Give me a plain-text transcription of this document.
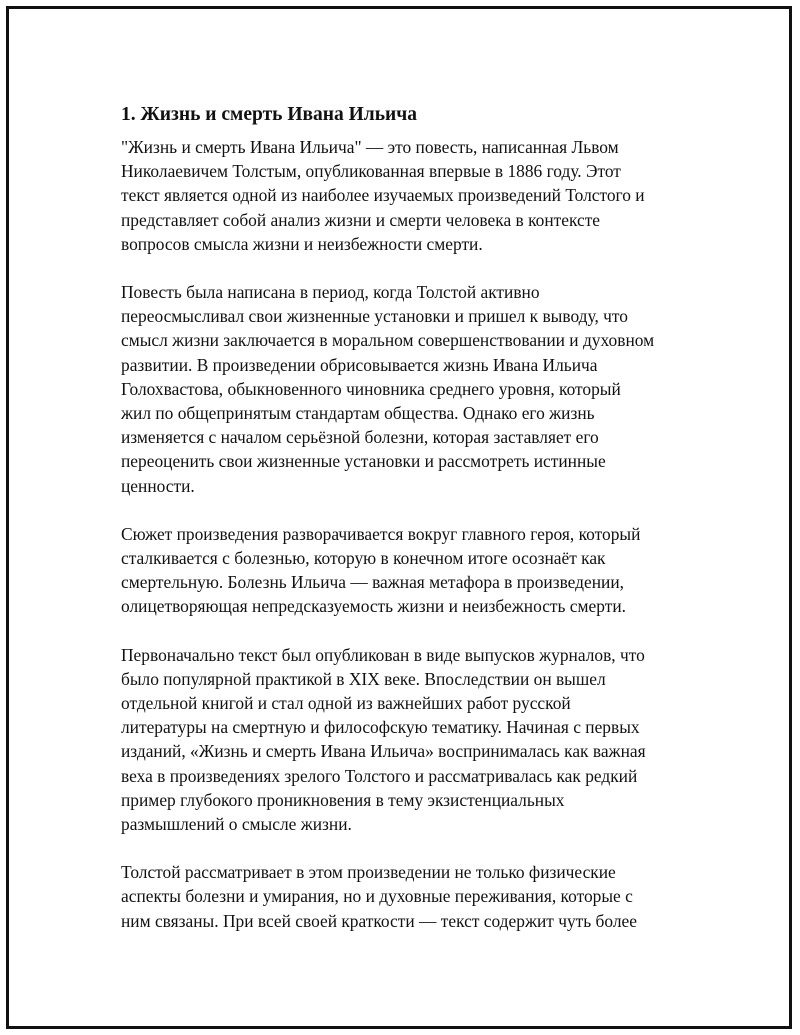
1. Жизнь и смерть Ивана Ильича

"Жизнь и смерть Ивана Ильича" — это повесть, написанная Львом
Николаевичем Толстым, опубликованная впервые в 1886 году. Этот
текст является одной из наиболее изучаемых произведений Толстого и
представляет собой анализ жизни и смерти человека в контексте
вопросов смысла жизни и неизбежности смерти.

Повесть была написана в период, когда Толстой активно
переосмысливал свои жизненные установки и пришел к выводу, что
смысл жизни заключается в моральном совершенствовании и духовном
развитии. В произведении обрисовывается жизнь Ивана Ильича
Голохвастова, обыкновенного чиновника среднего уровня, который
жил по общепринятым стандартам общества. Однако его жизнь
изменяется с началом серьёзной болезни, которая заставляет его
переоценить свои жизненные установки и рассмотреть истинные
ценности.

Сюжет произведения разворачивается вокруг главного героя, который
сталкивается с болезнью, которую в конечном итоге осознаёт как
смертельную. Болезнь Ильича — важная метафора в произведении,
олицетворяющая непредсказуемость жизни и неизбежность смерти.

Первоначально текст был опубликован в виде выпусков журналов, что
было популярной практикой в XIX веке. Впоследствии он вышел
отдельной книгой и стал одной из важнейших работ русской
литературы на смертную и философскую тематику. Начиная с первых
изданий, «Жизнь и смерть Ивана Ильича» воспринималась как важная
веха в произведениях зрелого Толстого и рассматривалась как редкий
пример глубокого проникновения в тему экзистенциальных
размышлений о смысле жизни.

Толстой рассматривает в этом произведении не только физические
аспекты болезни и умирания, но и духовные переживания, которые с
ним связаны. При всей своей краткости — текст содержит чуть более
